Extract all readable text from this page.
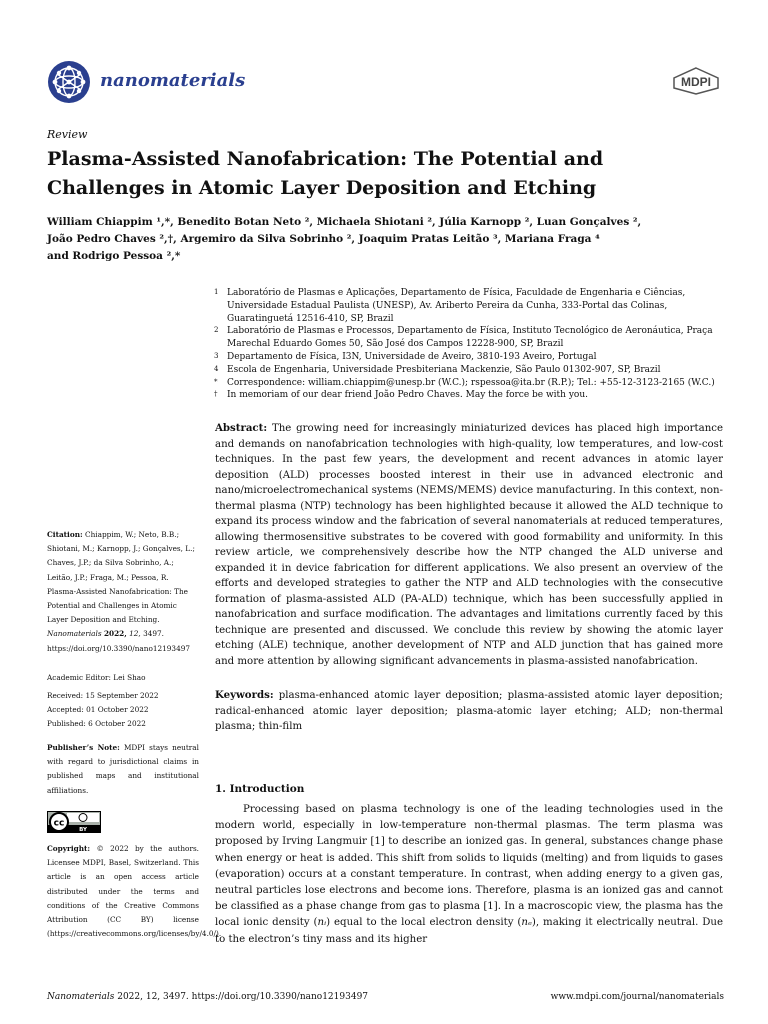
nanomaterials	MDPI
Review
Plasma-Assisted Nanofabrication: The Potential and Challenges in Atomic Layer Deposition and Etching
William Chiappim ¹,*, Benedito Botan Neto ², Michaela Shiotani ², Júlia Karnopp ², Luan Gonçalves ²,
João Pedro Chaves ²,†, Argemiro da Silva Sobrinho ², Joaquim Pratas Leitão ³, Mariana Fraga ⁴
and Rodrigo Pessoa ²,*
1 Laboratório de Plasmas e Aplicações, Departamento de Física, Faculdade de Engenharia e Ciências, Universidade Estadual Paulista (UNESP), Av. Ariberto Pereira da Cunha, 333-Portal das Colinas, Guaratinguetá 12516-410, SP, Brazil
2 Laboratório de Plasmas e Processos, Departamento de Física, Instituto Tecnológico de Aeronáutica, Praça Marechal Eduardo Gomes 50, São José dos Campos 12228-900, SP, Brazil
3 Departamento de Física, I3N, Universidade de Aveiro, 3810-193 Aveiro, Portugal
4 Escola de Engenharia, Universidade Presbiteriana Mackenzie, São Paulo 01302-907, SP, Brazil
* Correspondence: william.chiappim@unesp.br (W.C.); rspessoa@ita.br (R.P.); Tel.: +55-12-3123-2165 (W.C.)
† In memoriam of our dear friend João Pedro Chaves. May the force be with you.

Abstract: The growing need for increasingly miniaturized devices has placed high importance and demands on nanofabrication technologies with high-quality, low temperatures, and low-cost techniques. In the past few years, the development and recent advances in atomic layer deposition (ALD) processes boosted interest in their use in advanced electronic and nano/microelectromechanical systems (NEMS/MEMS) device manufacturing. In this context, non-thermal plasma (NTP) technology has been highlighted because it allowed the ALD technique to expand its process window and the fabrication of several nanomaterials at reduced temperatures, allowing thermosensitive substrates to be covered with good formability and uniformity. In this review article, we comprehensively describe how the NTP changed the ALD universe and expanded it in device fabrication for different applications. We also present an overview of the efforts and developed strategies to gather the NTP and ALD technologies with the consecutive formation of plasma-assisted ALD (PA-ALD) technique, which has been successfully applied in nanofabrication and surface modification. The advantages and limitations currently faced by this technique are presented and discussed. We conclude this review by showing the atomic layer etching (ALE) technique, another development of NTP and ALD junction that has gained more and more attention by allowing significant advancements in plasma-assisted nanofabrication.

Keywords: plasma-enhanced atomic layer deposition; plasma-assisted atomic layer deposition; radical-enhanced atomic layer deposition; plasma-atomic layer etching; ALD; non-thermal plasma; thin-film

1. Introduction

Processing based on plasma technology is one of the leading technologies used in the modern world, especially in low-temperature non-thermal plasmas. The term plasma was proposed by Irving Langmuir [1] to describe an ionized gas. In general, substances change phase when energy or heat is added. This shift from solids to liquids (melting) and from liquids to gases (evaporation) occurs at a constant temperature. In contrast, when adding energy to a given gas, neutral particles lose electrons and become ions. Therefore, plasma is an ionized gas and cannot be classified as a phase change from gas to plasma [1]. In a macroscopic view, the plasma has the local ionic density (nᵢ) equal to the local electron density (nₑ), making it electrically neutral. Due to the electron’s tiny mass and its higher

Citation: Chiappim, W.; Neto, B.B.; Shiotani, M.; Karnopp, J.; Gonçalves, L.; Chaves, J.P.; da Silva Sobrinho, A.; Leitão, J.P.; Fraga, M.; Pessoa, R. Plasma-Assisted Nanofabrication: The Potential and Challenges in Atomic Layer Deposition and Etching. Nanomaterials 2022, 12, 3497. https://doi.org/10.3390/nano12193497

Academic Editor: Lei Shao

Received: 15 September 2022
Accepted: 01 October 2022
Published: 6 October 2022

Publisher’s Note: MDPI stays neutral with regard to jurisdictional claims in published maps and institutional affiliations.

cc
BY

Copyright: © 2022 by the authors. Licensee MDPI, Basel, Switzerland. This article is an open access article distributed under the terms and conditions of the Creative Commons Attribution (CC BY) license (https://creativecommons.org/licenses/by/4.0/).

Nanomaterials 2022, 12, 3497. https://doi.org/10.3390/nano12193497	www.mdpi.com/journal/nanomaterials
